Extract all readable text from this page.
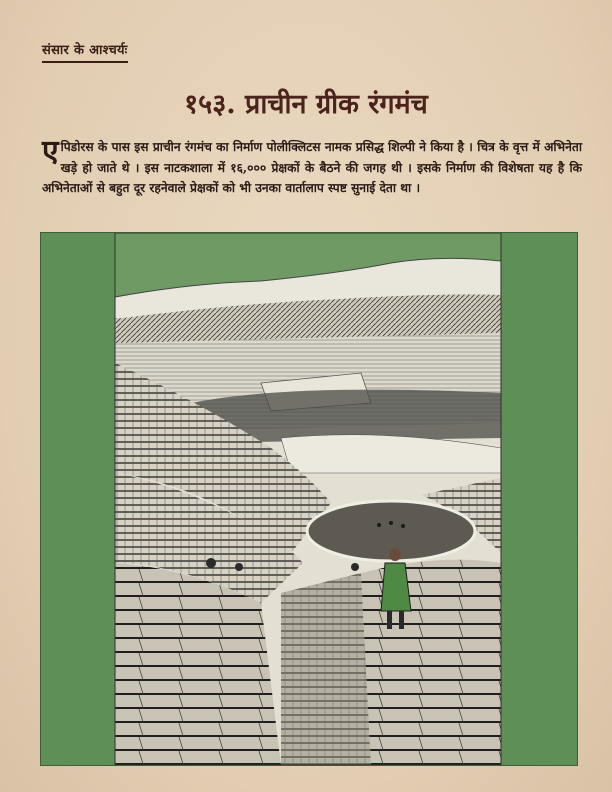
संसार के आश्चर्यः
१५३. प्राचीन ग्रीक रंगमंच
एपिडोरस के पास इस प्राचीन रंगमंच का निर्माण पोलीक्लिटस नामक प्रसिद्ध शिल्पी ने किया है । चित्र के वृत्त में अभिनेता खड़े हो जाते थे । इस नाटकशाला में १६,००० प्रेक्षकों के बैठने की जगह थी । इसके निर्माण की विशेषता यह है कि अभिनेताओं से बहुत दूर रहनेवाले प्रेक्षकों को भी उनका वार्तालाप स्पष्ट सुनाई देता था ।
